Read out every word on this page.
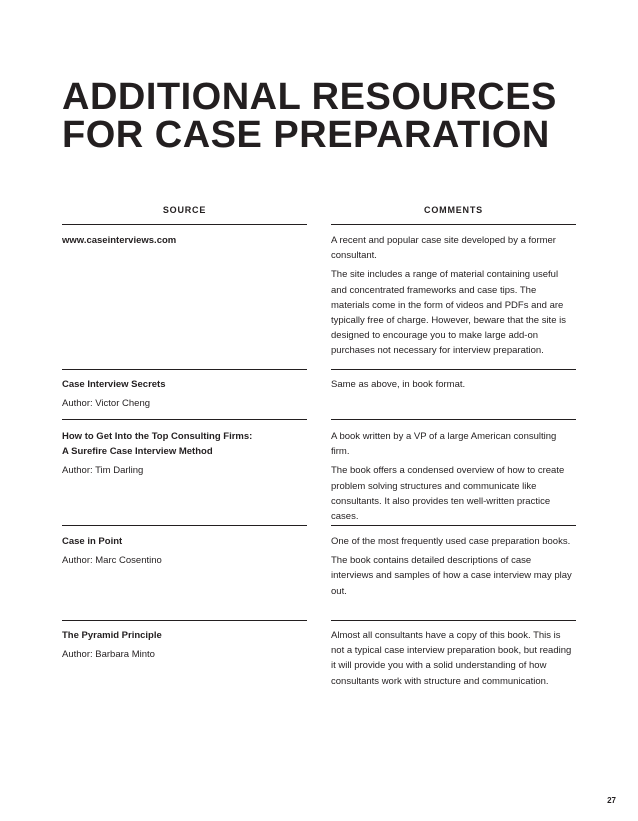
ADDITIONAL RESOURCES
FOR CASE PREPARATION
SOURCE	COMMENTS
www.caseinterviews.com	A recent and popular case site developed by a former consultant.

The site includes a range of material containing useful and concentrated frameworks and case tips. The materials come in the form of videos and PDFs and are typically free of charge. However, beware that the site is designed to encourage you to make large add-on purchases not necessary for interview preparation.

Case Interview Secrets
Author: Victor Cheng

Same as above, in book format.

How to Get Into the Top Consulting Firms:
A Surefire Case Interview Method
Author: Tim Darling

A book written by a VP of a large American consulting firm.

The book offers a condensed overview of how to create problem solving structures and communicate like consultants. It also provides ten well-written practice cases.

Case in Point
Author: Marc Cosentino

One of the most frequently used case preparation books.

The book contains detailed descriptions of case interviews and samples of how a case interview may play out.

The Pyramid Principle
Author: Barbara Minto

Almost all consultants have a copy of this book. This is not a typical case interview preparation book, but reading it will provide you with a solid understanding of how consultants work with structure and communication.

27
